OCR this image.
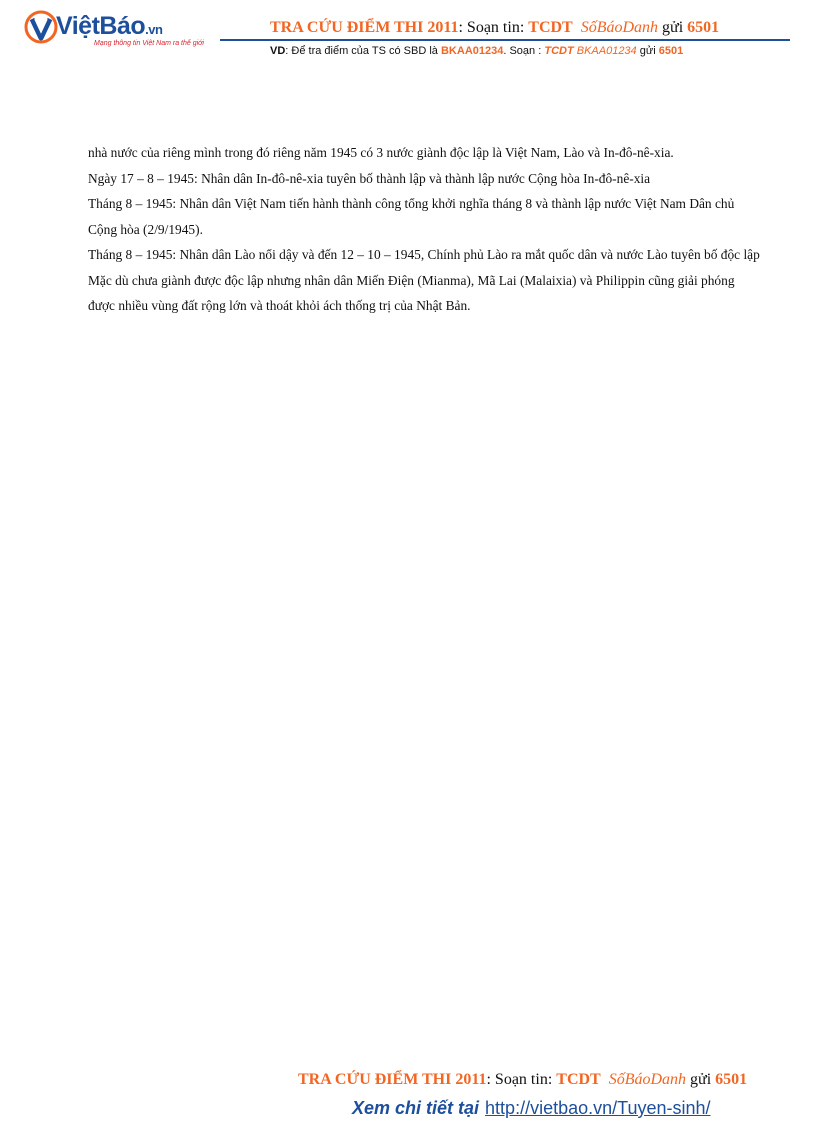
ViệtBáo.vn
Mạng thông tin Việt Nam ra thế giới
TRA CỨU ĐIỂM THI 2011: Soạn tin: TCDT SốBáoDanh gửi 6501
VD: Để tra điểm của TS có SBD là BKAA01234. Soạn : TCDT BKAA01234 gửi 6501

nhà nước của riêng mình trong đó riêng năm 1945 có 3 nước giành độc lập là Việt Nam, Lào và In-đô-nê-xia.

Ngày 17 – 8 – 1945: Nhân dân In-đô-nê-xia tuyên bố thành lập và thành lập nước Cộng hòa In-đô-nê-xia

Tháng 8 – 1945: Nhân dân Việt Nam tiến hành thành công tổng khởi nghĩa tháng 8 và thành lập nước Việt Nam Dân chủ Cộng hòa (2/9/1945).

Tháng 8 – 1945: Nhân dân Lào nổi dậy và đến 12 – 10 – 1945, Chính phủ Lào ra mắt quốc dân và nước Lào tuyên bố độc lập

Mặc dù chưa giành được độc lập nhưng nhân dân Miến Điện (Mianma), Mã Lai (Malaixia) và Philippin cũng giải phóng được nhiều vùng đất rộng lớn và thoát khỏi ách thống trị của Nhật Bản.

TRA CỨU ĐIỂM THI 2011: Soạn tin: TCDT SốBáoDanh gửi 6501
Xem chi tiết tại http://vietbao.vn/Tuyen-sinh/
